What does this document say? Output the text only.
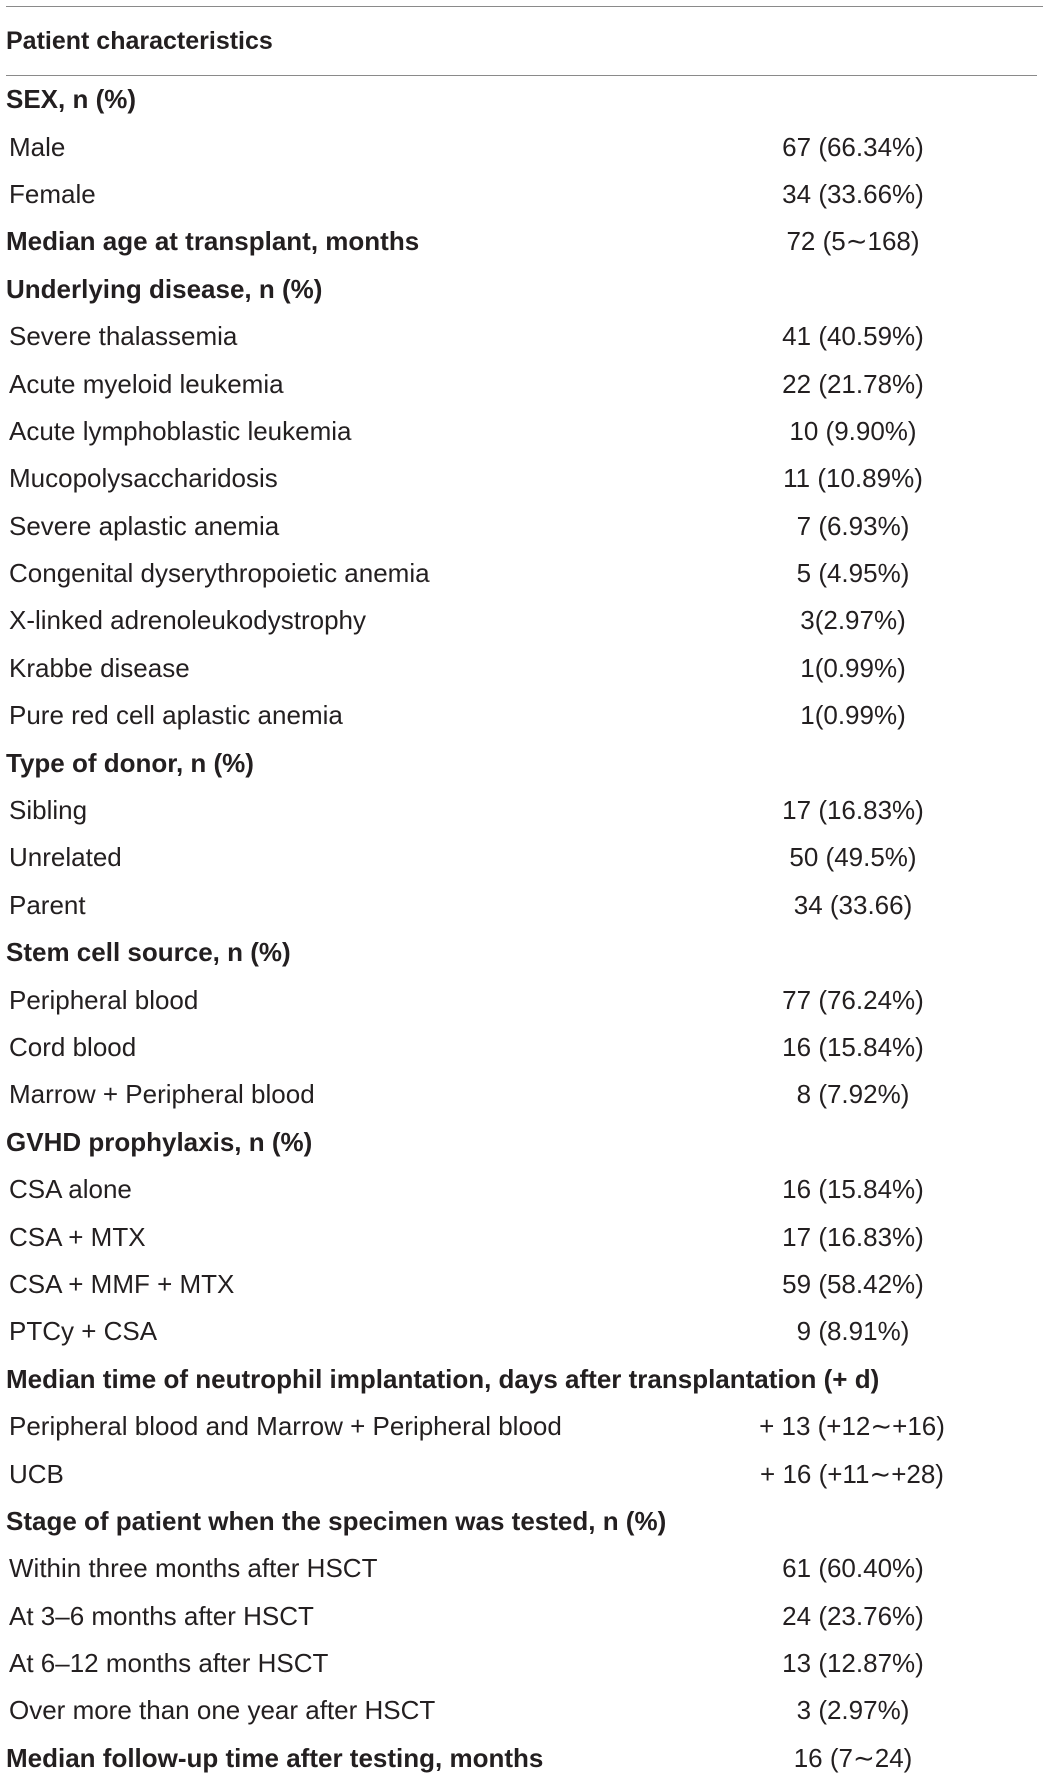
Patient characteristics
SEX, n (%)
Male	67 (66.34%)
Female	34 (33.66%)
Median age at transplant, months	72 (5∼168)
Underlying disease, n (%)
Severe thalassemia	41 (40.59%)
Acute myeloid leukemia	22 (21.78%)
Acute lymphoblastic leukemia	10 (9.90%)
Mucopolysaccharidosis	11 (10.89%)
Severe aplastic anemia	7 (6.93%)
Congenital dyserythropoietic anemia	5 (4.95%)
X-linked adrenoleukodystrophy	3(2.97%)
Krabbe disease	1(0.99%)
Pure red cell aplastic anemia	1(0.99%)
Type of donor, n (%)
Sibling	17 (16.83%)
Unrelated	50 (49.5%)
Parent	34 (33.66)
Stem cell source, n (%)
Peripheral blood	77 (76.24%)
Cord blood	16 (15.84%)
Marrow + Peripheral blood	8 (7.92%)
GVHD prophylaxis, n (%)
CSA alone	16 (15.84%)
CSA + MTX	17 (16.83%)
CSA + MMF + MTX	59 (58.42%)
PTCy + CSA	9 (8.91%)
Median time of neutrophil implantation, days after transplantation (+ d)
Peripheral blood and Marrow + Peripheral blood	+ 13 (+12∼+16)
UCB	+ 16 (+11∼+28)
Stage of patient when the specimen was tested, n (%)
Within three months after HSCT	61 (60.40%)
At 3–6 months after HSCT	24 (23.76%)
At 6–12 months after HSCT	13 (12.87%)
Over more than one year after HSCT	3 (2.97%)
Median follow-up time after testing, months	16 (7∼24)
